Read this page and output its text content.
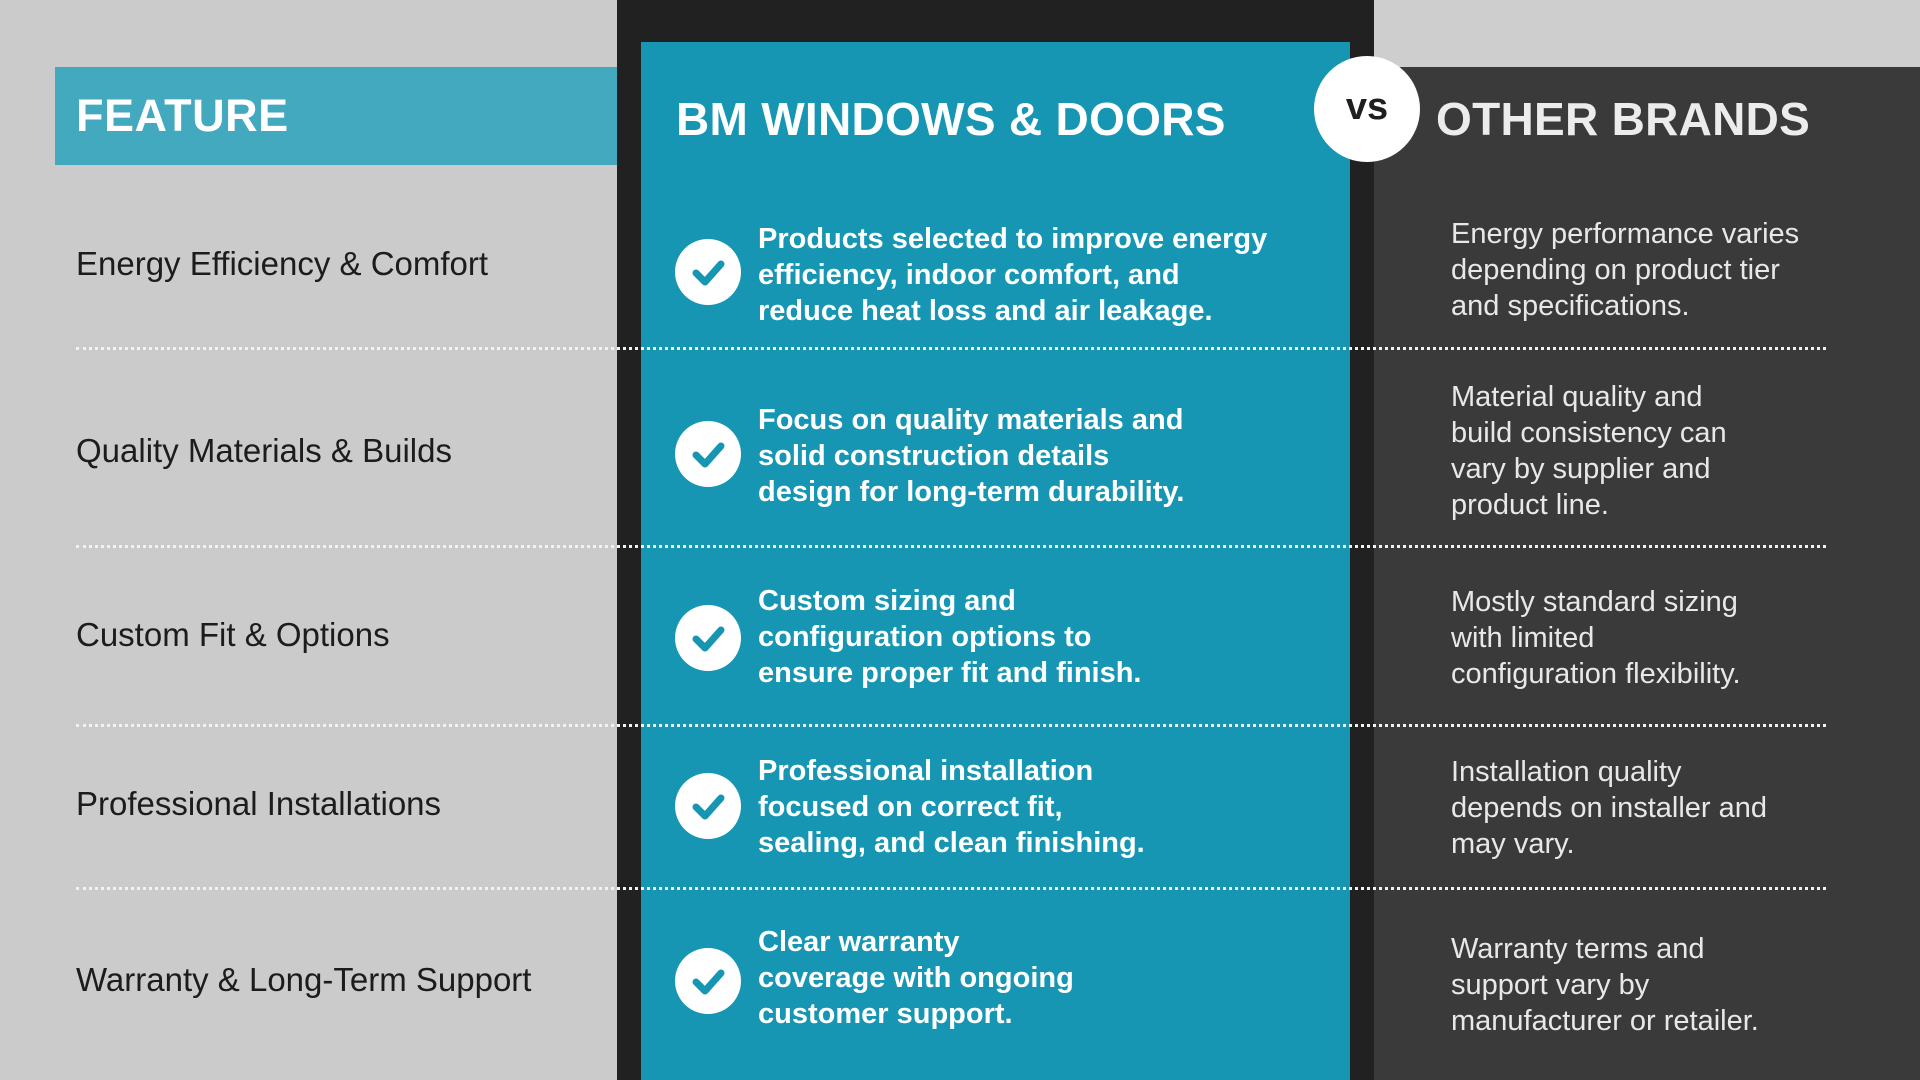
FEATURE	BM WINDOWS & DOORS	vs OTHER BRANDS
Energy Efficiency & Comfort
Products selected to improve energy
efficiency, indoor comfort, and
reduce heat loss and air leakage.
Energy performance varies
depending on product tier
and specifications.
Quality Materials & Builds
Focus on quality materials and
solid construction details
design for long-term durability.
Material quality and
build consistency can
vary by supplier and
product line.
Custom Fit & Options
Custom sizing and
configuration options to
ensure proper fit and finish.
Mostly standard sizing
with limited
configuration flexibility.
Professional Installations
Professional installation
focused on correct fit,
sealing, and clean finishing.
Installation quality
depends on installer and
may vary.
Warranty & Long-Term Support
Clear warranty
coverage with ongoing
customer support.
Warranty terms and
support vary by
manufacturer or retailer.
